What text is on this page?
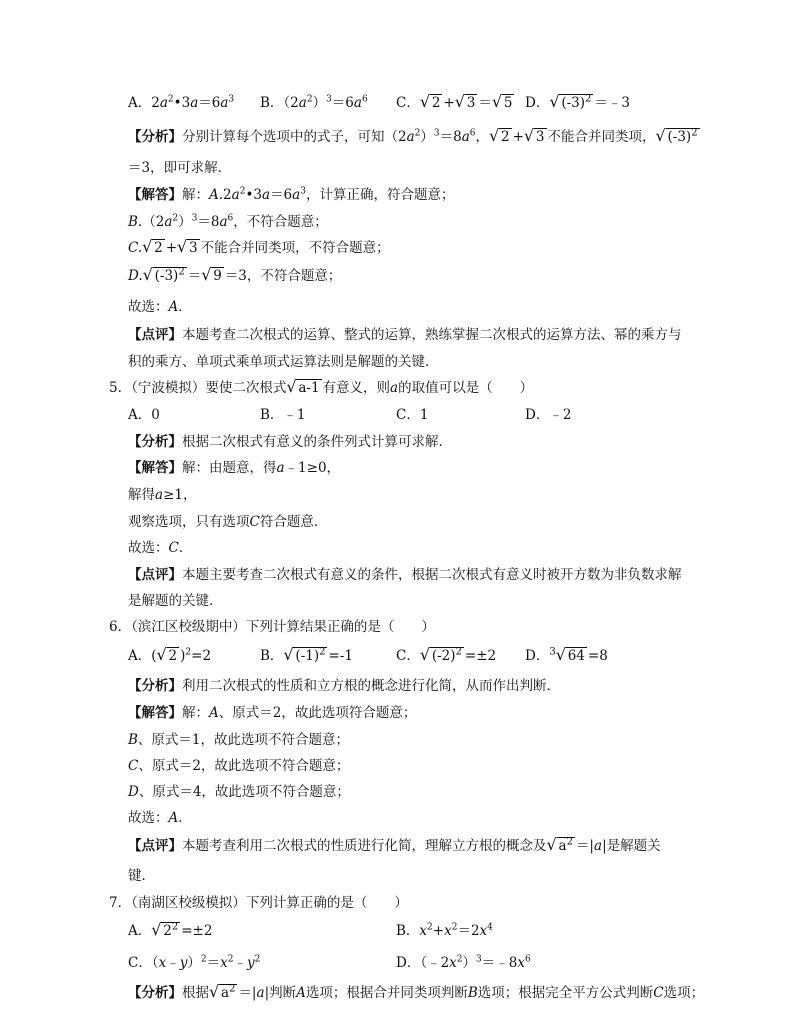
A．$2a^2•3a=6a^3$ B．$(2a^2)^3=6a^6$ C． √ 2 + √ 3 ＝ √ 5 D． √ $(-3)^2$ ＝﹣3
【分析】分别计算每个选项中的式子，可知$(2a^2)^3=8a^6$， √ 2 + √ 3 不能合并同类项， √ $(-3)^2$
＝3，即可求解．
【解答】解：$A.2a^2•3a=6a^3$，计算正确，符合题意；
$B.(2a^2)^3=8a^6$，不符合题意；
C. √ 2 + √ 3 不能合并同类项，不符合题意；
D. √ $(-3)^2$ ＝ √ 9 ＝3，不符合题意；
故选：A．
【点评】本题考查二次根式的运算、整式的运算，熟练掌握二次根式的运算方法、幂的乘方与
积的乘方、单项式乘单项式运算法则是解题的关键．
5．（宁波模拟）要使二次根式 √ a-1 有意义，则a的取值可以是（　　）
A．0	B．﹣1	C．1	D．﹣2
【分析】根据二次根式有意义的条件列式计算可求解．
【解答】解：由题意，得a﹣1≥0，
解得a≥1，
观察选项，只有选项C符合题意．
故选：C．
【点评】本题主要考查二次根式有意义的条件，根据二次根式有意义时被开方数为非负数求解
是解题的关键．
6．（滨江区校级期中）下列计算结果正确的是（　　）
A．( √ 2 )$^2$=2	B． √ $(-1)^2 =-1$	C． √ $(-2)^2 =\pm 2$ D．$^3$ √ 64 =8
【分析】利用二次根式的性质和立方根的概念进行化简，从而作出判断．
【解答】解：A、原式＝2，故此选项符合题意；
B、原式＝1，故此选项不符合题意；
C、原式＝2，故此选项不符合题意；
D、原式＝4，故此选项不符合题意；
故选：A．
【点评】本题考查利用二次根式的性质进行化简，理解立方根的概念及 √ $a^2 =|a|$是解题关
键．
7．（南湖区校级模拟）下列计算正确的是（　　）
A． √ $2^2 =\pm 2$	B．$x^2+x^2=2x^4$
C．$(x﹣y)^2=x^2﹣y^2$	D．$(﹣2x^2)^3=﹣8x^6$
【分析】根据 √ $a^2 =|a|$判断A选项；根据合并同类项判断B选项；根据完全平方公式判断C选项；
